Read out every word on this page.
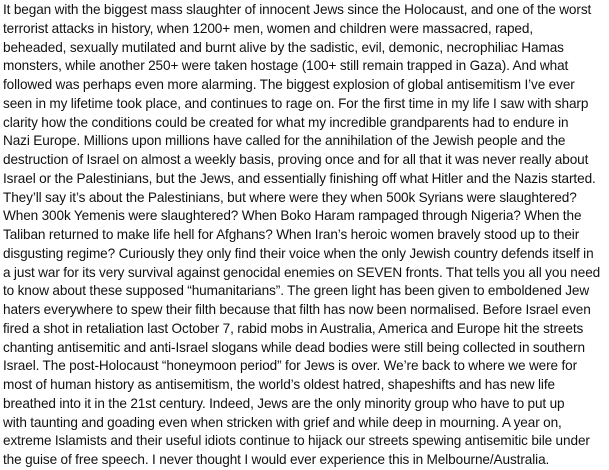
It began with the biggest mass slaughter of innocent Jews since the Holocaust, and one of the worst
terrorist attacks in history, when 1200+ men, women and children were massacred, raped,
beheaded, sexually mutilated and burnt alive by the sadistic, evil, demonic, necrophiliac Hamas
monsters, while another 250+ were taken hostage (100+ still remain trapped in Gaza). And what
followed was perhaps even more alarming. The biggest explosion of global antisemitism I’ve ever
seen in my lifetime took place, and continues to rage on. For the first time in my life I saw with sharp
clarity how the conditions could be created for what my incredible grandparents had to endure in
Nazi Europe. Millions upon millions have called for the annihilation of the Jewish people and the
destruction of Israel on almost a weekly basis, proving once and for all that it was never really about
Israel or the Palestinians, but the Jews, and essentially finishing off what Hitler and the Nazis started.
They’ll say it’s about the Palestinians, but where were they when 500k Syrians were slaughtered?
When 300k Yemenis were slaughtered? When Boko Haram rampaged through Nigeria? When the
Taliban returned to make life hell for Afghans? When Iran’s heroic women bravely stood up to their
disgusting regime? Curiously they only find their voice when the only Jewish country defends itself in
a just war for its very survival against genocidal enemies on SEVEN fronts. That tells you all you need
to know about these supposed “humanitarians”. The green light has been given to emboldened Jew
haters everywhere to spew their filth because that filth has now been normalised. Before Israel even
fired a shot in retaliation last October 7, rabid mobs in Australia, America and Europe hit the streets
chanting antisemitic and anti-Israel slogans while dead bodies were still being collected in southern
Israel. The post-Holocaust “honeymoon period” for Jews is over. We’re back to where we were for
most of human history as antisemitism, the world’s oldest hatred, shapeshifts and has new life
breathed into it in the 21st century. Indeed, Jews are the only minority group who have to put up
with taunting and goading even when stricken with grief and while deep in mourning. A year on,
extreme Islamists and their useful idiots continue to hijack our streets spewing antisemitic bile under
the guise of free speech. I never thought I would ever experience this in Melbourne/Australia.
